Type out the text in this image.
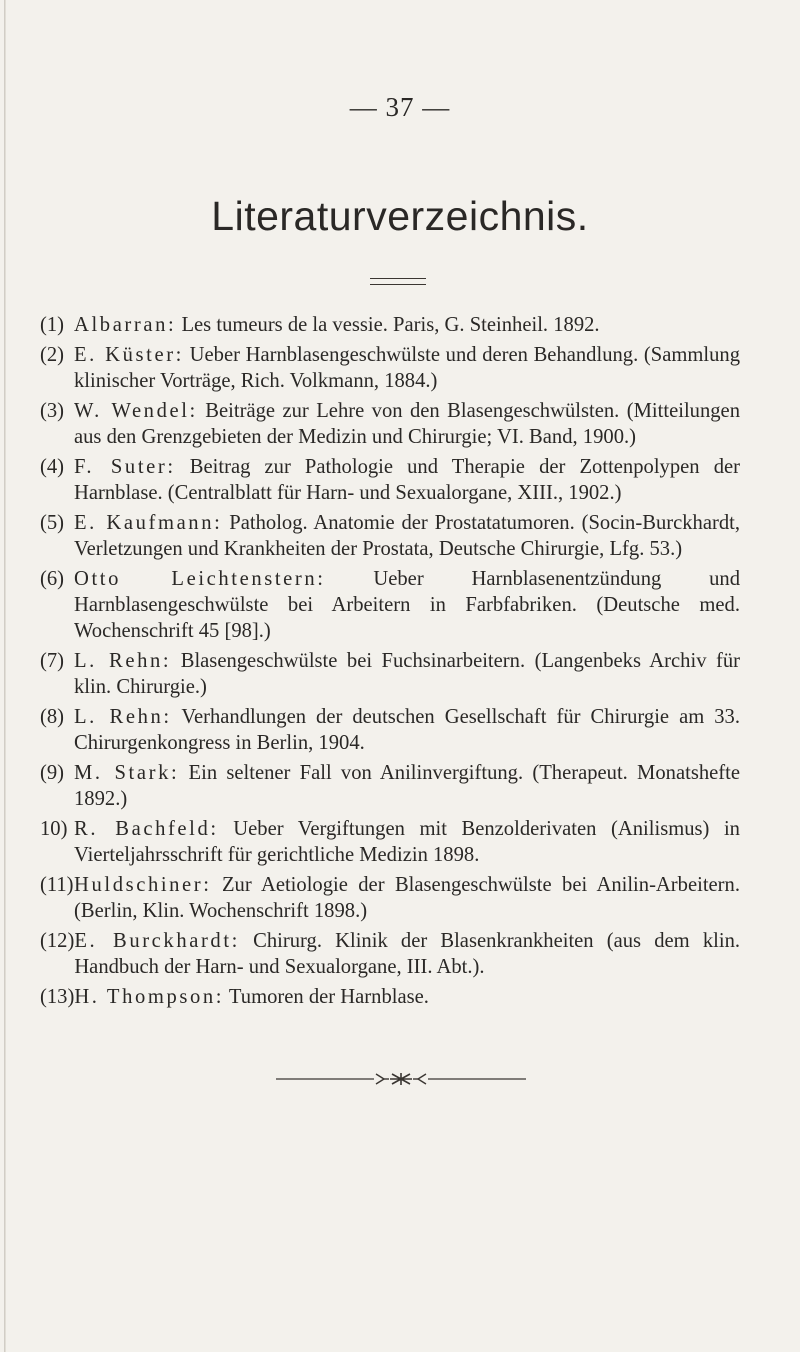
— 37 —
Literaturverzeichnis.
(1) Albarran: Les tumeurs de la vessie. Paris, G. Steinheil. 1892.
(2) E. Küster: Ueber Harnblasengeschwülste und deren Behandlung. (Sammlung klinischer Vorträge, Rich. Volkmann, 1884.)
(3) W. Wendel: Beiträge zur Lehre von den Blasengeschwülsten. (Mitteilungen aus den Grenzgebieten der Medizin und Chirurgie; VI. Band, 1900.)
(4) F. Suter: Beitrag zur Pathologie und Therapie der Zottenpolypen der Harnblase. (Centralblatt für Harn- und Sexualorgane, XIII., 1902.)
(5) E. Kaufmann: Patholog. Anatomie der Prostatatumoren. (Socin-Burckhardt, Verletzungen und Krankheiten der Prostata, Deutsche Chirurgie, Lfg. 53.)
(6) Otto Leichtenstern: Ueber Harnblasenentzündung und Harnblasengeschwülste bei Arbeitern in Farbfabriken. (Deutsche med. Wochenschrift 45 [98].)
(7) L. Rehn: Blasengeschwülste bei Fuchsinarbeitern. (Langenbeks Archiv für klin. Chirurgie.)
(8) L. Rehn: Verhandlungen der deutschen Gesellschaft für Chirurgie am 33. Chirurgenkongress in Berlin, 1904.
(9) M. Stark: Ein seltener Fall von Anilinvergiftung. (Therapeut. Monatshefte 1892.)
10) R. Bachfeld: Ueber Vergiftungen mit Benzolderivaten (Anilismus) in Vierteljahrsschrift für gerichtliche Medizin 1898.
(11) Huldschiner: Zur Aetiologie der Blasengeschwülste bei Anilin-Arbeitern. (Berlin, Klin. Wochenschrift 1898.)
(12) E. Burckhardt: Chirurg. Klinik der Blasenkrankheiten (aus dem klin. Handbuch der Harn- und Sexualorgane, III. Abt.).
(13) H. Thompson: Tumoren der Harnblase.
